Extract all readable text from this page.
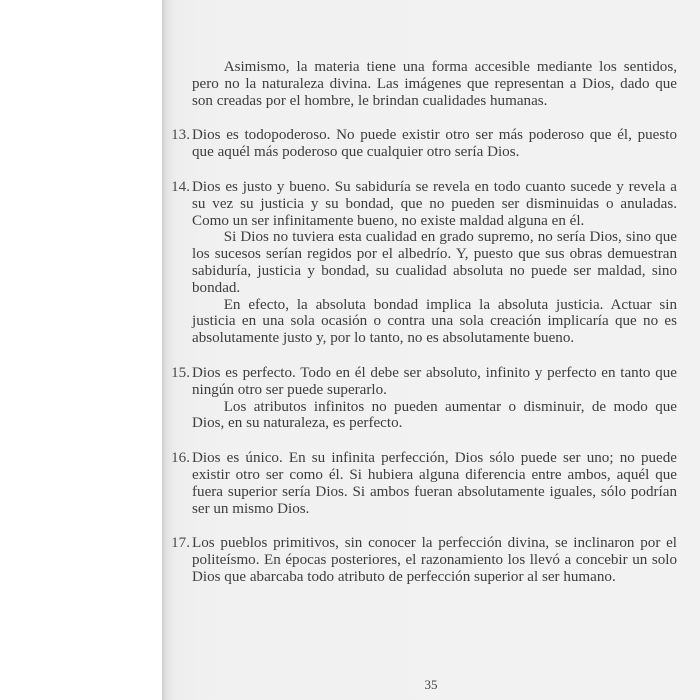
Asimismo, la materia tiene una forma accesible mediante los sentidos, pero no la naturaleza divina. Las imágenes que representan a Dios, dado que son creadas por el hombre, le brindan cualidades humanas.

13. Dios es todopoderoso. No puede existir otro ser más poderoso que él, puesto que aquél más poderoso que cualquier otro sería Dios.

14. Dios es justo y bueno. Su sabiduría se revela en todo cuanto sucede y revela a su vez su justicia y su bondad, que no pueden ser disminuidas o anuladas. Como un ser infinitamente bueno, no existe maldad alguna en él.

Si Dios no tuviera esta cualidad en grado supremo, no sería Dios, sino que los sucesos serían regidos por el albedrío. Y, puesto que sus obras demuestran sabiduría, justicia y bondad, su cualidad absoluta no puede ser maldad, sino bondad.

En efecto, la absoluta bondad implica la absoluta justicia. Actuar sin justicia en una sola ocasión o contra una sola creación implicaría que no es absolutamente justo y, por lo tanto, no es absolutamente bueno.

15. Dios es perfecto. Todo en él debe ser absoluto, infinito y perfecto en tanto que ningún otro ser puede superarlo.

Los atributos infinitos no pueden aumentar o disminuir, de modo que Dios, en su naturaleza, es perfecto.

16. Dios es único. En su infinita perfección, Dios sólo puede ser uno; no puede existir otro ser como él. Si hubiera alguna diferencia entre ambos, aquél que fuera superior sería Dios. Si ambos fueran absolutamente iguales, sólo podrían ser un mismo Dios.

17. Los pueblos primitivos, sin conocer la perfección divina, se inclinaron por el politeísmo. En épocas posteriores, el razonamiento los llevó a concebir un solo Dios que abarcaba todo atributo de perfección superior al ser humano.

35
